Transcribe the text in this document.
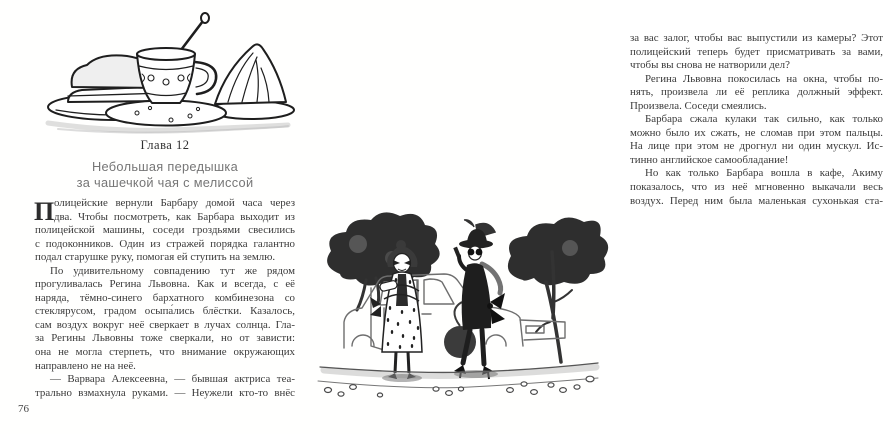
Глава 12
Небольшая передышка
за чашечкой чая с мелиссой
П олицейские вернули Барбару домой часа через
два. Чтобы посмотреть, как Барбара выходит из
полицейской машины, соседи гроздьями свесились
с подоконников. Один из стражей порядка галантно
подал старушке руку, помогая ей ступить на землю.
По удивительному совпадению тут же рядом
прогуливалась Регина Львовна. Как и всегда, с её
наряда, тёмно-синего бархатного комбинезона со
стеклярусом, градом осыпа́лись блёстки. Казалось,
сам воздух вокруг неё сверкает в лучах солнца. Гла-
за Регины Львовны тоже сверкали, но от зависти:
она не могла стерпеть, что внимание окружающих
направлено не на неё.
— Варвара Алексеевна, — бывшая актриса теа-
трально взмахнула руками. — Неужели кто-то внёс
76
за вас залог, чтобы вас выпустили из камеры? Этот
полицейский теперь будет присматривать за вами,
чтобы вы снова не натворили дел?
Регина Львовна покосилась на окна, чтобы по-
нять, произвела ли её реплика должный эффект.
Произвела. Соседи смеялись.
Барбара сжала кулаки так сильно, как только
можно было их сжать, не сломав при этом пальцы.
На лице при этом не дрогнул ни один мускул. Ис-
тинно английское самообладание!
Но как только Барбара вошла в кафе, Акиму
показалось, что из неё мгновенно выкачали весь
воздух. Перед ним была маленькая сухонькая ста-
